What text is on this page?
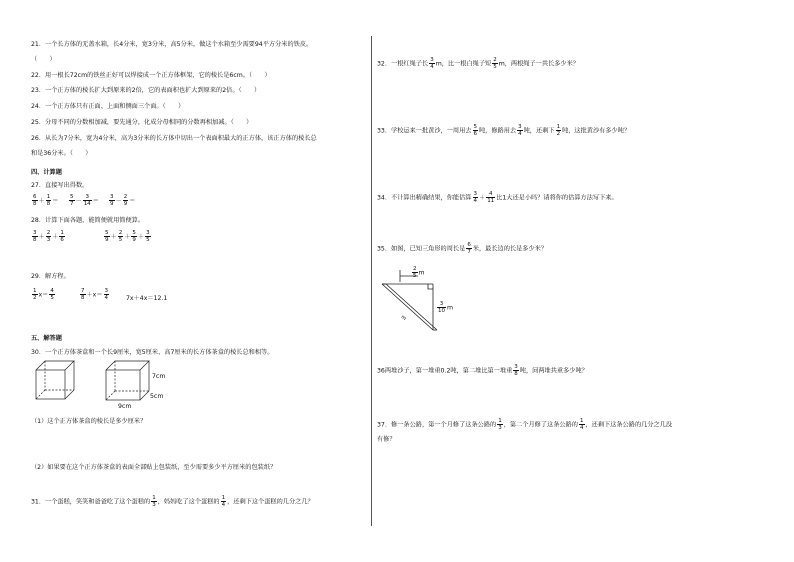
21．一个长方体的无盖水箱，长4分米，宽3分米，高5分米，做这个水箱至少需要94平方分米的铁皮。
（　　）
22．用一根长72cm的铁丝正好可以焊接成一个正方体框架，它的棱长是6cm。（　　）
23．一个正方体的棱长扩大到原来的2倍，它的表面积也扩大到原来的2倍。（　　）
24．一个正方体只有正面、上面和侧面三个面。（　　）
25．分母不同的分数相加减，要先通分，化成分母相同的分数再相加减。（　　）
26．从长为7分米，宽为4分米，高为3分米的长方体中切出一个表面积最大的正方体，该正方体的棱长总
和是36分米。（　　）
四、计算题
27．直接写出得数。
$\frac{6}{8} + \frac{1}{8} = \frac{5}{7} - \frac{3}{14} = \frac{3}{9} - \frac{2}{9}$ ＝
28．计算下面各题，能简便就用简便算。
$\frac{3}{8} + \frac{2}{3} + \frac{1}{6}$	$\frac{5}{9} + \frac{2}{5} + \frac{5}{9} + \frac{3}{5}$
29．解方程。
$\frac{1}{2} x= \frac{4}{5}$	$\frac{7}{8} +x= \frac{3}{4}$	7x＋4x＝12.1
五、解答题
30．一个正方体茶盒和一个长9厘米，宽5厘米，高7厘米的长方体茶盒的棱长总和相等。
7cm
5cm
9cm
（1）这个正方体茶盒的棱长是多少厘米？
（2）如果要在这个正方体茶盒的表面全部贴上包装纸，至少需要多少平方厘米的包装纸？
31．一个蛋糕，笑笑和爸爸吃了这个蛋糕的 $\frac{1}{3}$ ，妈妈吃了这个蛋糕的 $\frac{1}{4}$ ，还剩下这个蛋糕的几分之几？
32．一根红绳子长 $\frac{3}{4}$ m，比一根白绳子短 $\frac{2}{5}$ m，两根绳子一共长多少米？
33．学校运来一批黄沙，一周用去 $\frac{5}{6}$ 吨，修路用去 $\frac{3}{4}$ 吨，还剩下 $\frac{1}{2}$ 吨，这批黄沙有多少吨？
34．不计算出精确结果，你能估算 $\frac{3}{4} + \frac{4}{11}$ 比1大还是小吗？请将你的估算方法写下来。
35．如图，已知三角形的周长是 $\frac{6}{7}$ 米，最长边的长是多少米？
$\frac{2}{5}$ m
$\frac{3}{10}$ m
m
36两堆沙子，第一堆重0.2吨，第二堆比第一堆重 $\frac{3}{8}$ 吨，问两堆共重多少吨？
37．修一条公路，第一个月修了这条公路的 $\frac{1}{3}$ ，第二个月修了这条公路的 $\frac{1}{4}$ ，还剩下这条公路的几分之几没
有修？
